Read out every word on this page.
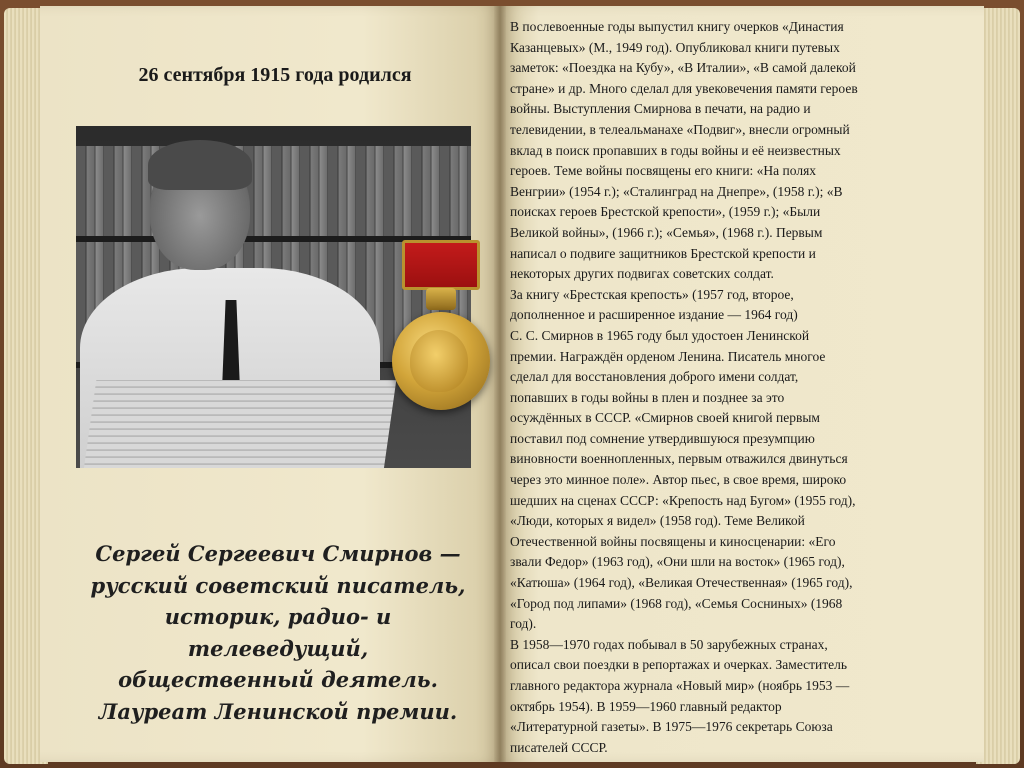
26 сентября 1915 года родился
Сергей Сергеевич Смирнов —
русский советский писатель,
историк, радио- и телеведущий,
общественный деятель.
Лауреат Ленинской премии.
В послевоенные годы выпустил книгу очерков «Династия
Казанцевых» (М., 1949 год). Опубликовал книги путевых
заметок: «Поездка на Кубу», «В Италии», «В самой далекой
стране» и др. Много сделал для увековечения памяти героев
войны. Выступления Смирнова в печати, на радио и
телевидении, в телеальманахе «Подвиг», внесли огромный
вклад в поиск пропавших в годы войны и её неизвестных
героев. Теме войны посвящены его книги: «На полях
Венгрии» (1954 г.); «Сталинград на Днепре», (1958 г.); «В
поисках героев Брестской крепости», (1959 г.); «Были
Великой войны», (1966 г.); «Семья», (1968 г.). Первым
написал о подвиге защитников Брестской крепости и
некоторых других подвигах советских солдат.
За книгу «Брестская крепость» (1957 год, второе,
дополненное и расширенное издание — 1964 год)
С. С. Смирнов в 1965 году был удостоен Ленинской
премии. Награждён орденом Ленина. Писатель многое
сделал для восстановления доброго имени солдат,
попавших в годы войны в плен и позднее за это
осуждённых в СССР. «Смирнов своей книгой первым
поставил под сомнение утвердившуюся презумпцию
виновности военнопленных, первым отважился двинуться
через это минное поле». Автор пьес, в свое время, широко
шедших на сценах СССР: «Крепость над Бугом» (1955 год),
«Люди, которых я видел» (1958 год). Теме Великой
Отечественной войны посвящены и киносценарии: «Его
звали Федор» (1963 год), «Они шли на восток» (1965 год),
«Катюша» (1964 год), «Великая Отечественная» (1965 год),
«Город под липами» (1968 год), «Семья Сосниных» (1968
год).
В 1958—1970 годах побывал в 50 зарубежных странах,
описал свои поездки в репортажах и очерках. Заместитель
главного редактора журнала «Новый мир» (ноябрь 1953 —
октябрь 1954). В 1959—1960 главный редактор
«Литературной газеты». В 1975—1976 секретарь Союза
писателей СССР.
